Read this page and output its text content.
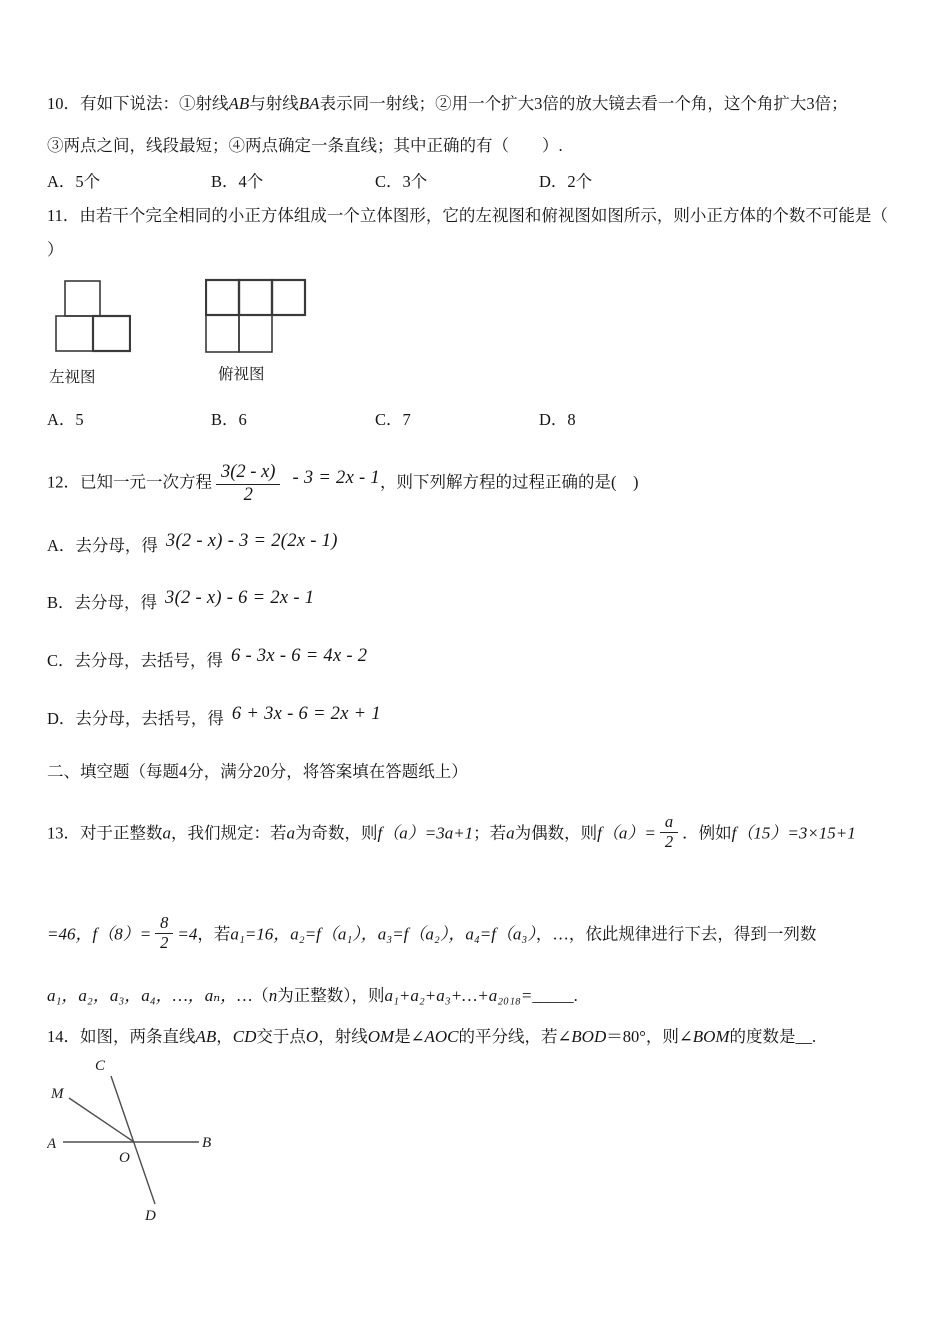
10．有如下说法：①射线AB与射线BA表示同一射线；②用一个扩大3倍的放大镜去看一个角，这个角扩大3倍；
③两点之间，线段最短；④两点确定一条直线；其中正确的有（　　）.
A．5个	B．4个	C．3个	D．2个
11．由若干个完全相同的小正方体组成一个立体图形，它的左视图和俯视图如图所示，则小正方体的个数不可能是（
）
左视图	俯视图
A．5	B．6	C．7	D．8
12．已知一元一次方程 $\frac{3(2 - x)}{2} - 3 = 2x - 1$，则下列解方程的过程正确的是(　)
A．去分母，得 3(2 - x) - 3 = 2(2x - 1)
B．去分母，得 3(2 - x) - 6 = 2x - 1
C．去分母，去括号，得 6 - 3x - 6 = 4x - 2
D．去分母，去括号，得 6 + 3x - 6 = 2x + 1
二、填空题（每题4分，满分20分，将答案填在答题纸上）
13．对于正整数a，我们规定：若a为奇数，则f（a）=3a+1；若a为偶数，则$f(a)= \frac{a}{2}$ ．例如f（15）=3×15+1
=46，$f(8)= \frac{8}{2} =4$，若a₁=16，a₂=f（a₁），a₃=f（a₂），a₄=f（a₃），…，依此规律进行下去，得到一列数
a₁，a₂，a₃，a₄，…，aₙ，…（n为正整数），则a₁+a₂+a₃+…+a₂₀₁₈=_____.
14．如图，两条直线AB，CD交于点O，射线OM是∠AOC的平分线，若∠BOD＝80°，则∠BOM的度数是__.
C
M
A	B
O
D
